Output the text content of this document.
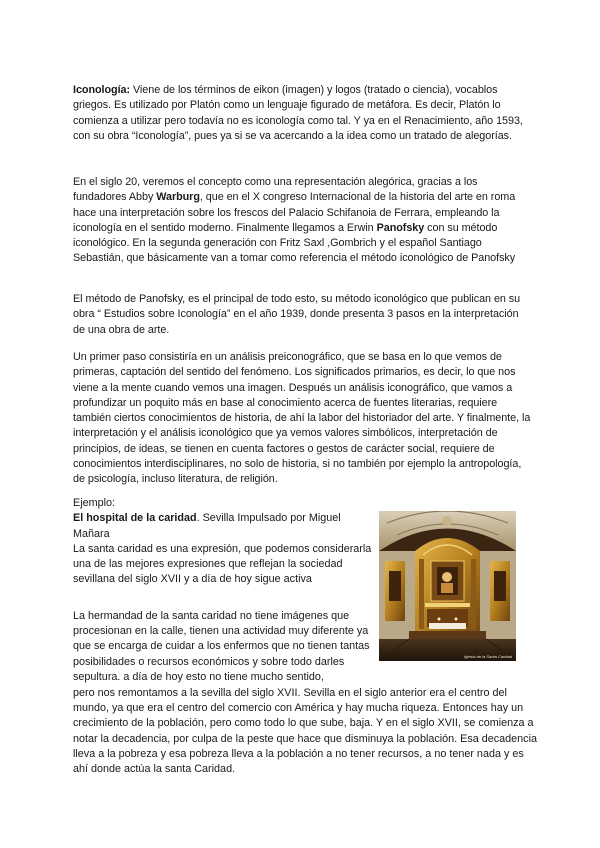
Iconología: Viene de los términos de eikon (imagen) y logos (tratado o ciencia), vocablos griegos. Es utilizado por Platón como un lenguaje figurado de metáfora. Es decir, Platón lo comienza a utilizar pero todavía no es iconología como tal. Y ya en el Renacimiento, año 1593, con su obra “Iconología”, pues ya si se va acercando a la idea como un tratado de alegorías.

En el siglo 20, veremos el concepto como una representación alegórica, gracias a los fundadores Abby Warburg, que en el X congreso Internacional de la historia del arte en roma hace una interpretación sobre los frescos del Palacio Schifanoia de Ferrara, empleando la iconología en el sentido moderno. Finalmente llegamos a Erwin Panofsky con su método iconológico. En la segunda generación con Fritz Saxl ,Gombrich y el español Santiago Sebastián, que básicamente van a tomar como referencia el método iconológico de Panofsky

El método de Panofsky, es el principal de todo esto, su método iconológico que publican en su obra “ Estudios sobre Iconología” en el año 1939, donde presenta 3 pasos en la interpretación de una obra de arte.

Un primer paso consistiría en un análisis preiconográfico, que se basa en lo que vemos de primeras, captación del sentido del fenómeno. Los significados primarios, es decir, lo que nos viene a la mente cuando vemos una imagen. Después un análisis iconográfico, que vamos a profundizar un poquito más en base al conocimiento acerca de fuentes literarias, requiere también ciertos conocimientos de historia, de ahí la labor del historiador del arte. Y finalmente, la interpretación y el análisis iconológico que ya vemos valores simbólicos, interpretación de principios, de ideas, se tienen en cuenta factores o gestos de carácter social, requiere de conocimientos interdisciplinares, no solo de historia, si no también por ejemplo la antropología, de psicología, incluso literatura, de religión.

Ejemplo:

El hospital de la caridad. Sevilla Impulsado por Miguel Mañara

La santa caridad es una expresión, que podemos considerarla una de las mejores expresiones que reflejan la sociedad sevillana del siglo XVII y a día de hoy sigue activa

La hermandad de la santa caridad no tiene imágenes que procesionan en la calle, tienen una actividad muy diferente ya que se encarga de cuidar a los enfermos que no tienen tantas posibilidades o recursos económicos y sobre todo darles sepultura. a día de hoy esto no tiene mucho sentido,

pero nos remontamos a la sevilla del siglo XVII. Sevilla en el siglo anterior era el centro del mundo, ya que era el centro del comercio con América y hay mucha riqueza. Entonces hay un crecimiento de la población, pero como todo lo que sube, baja. Y en el siglo XVII, se comienza a notar la decadencia, por culpa de la peste que hace que disminuya la población. Esa decadencia lleva a la pobreza y esa pobreza lleva a la población a no tener recursos, a no tener nada y es ahí donde actúa la santa Caridad.

Iglesia de la Santa Caridad
